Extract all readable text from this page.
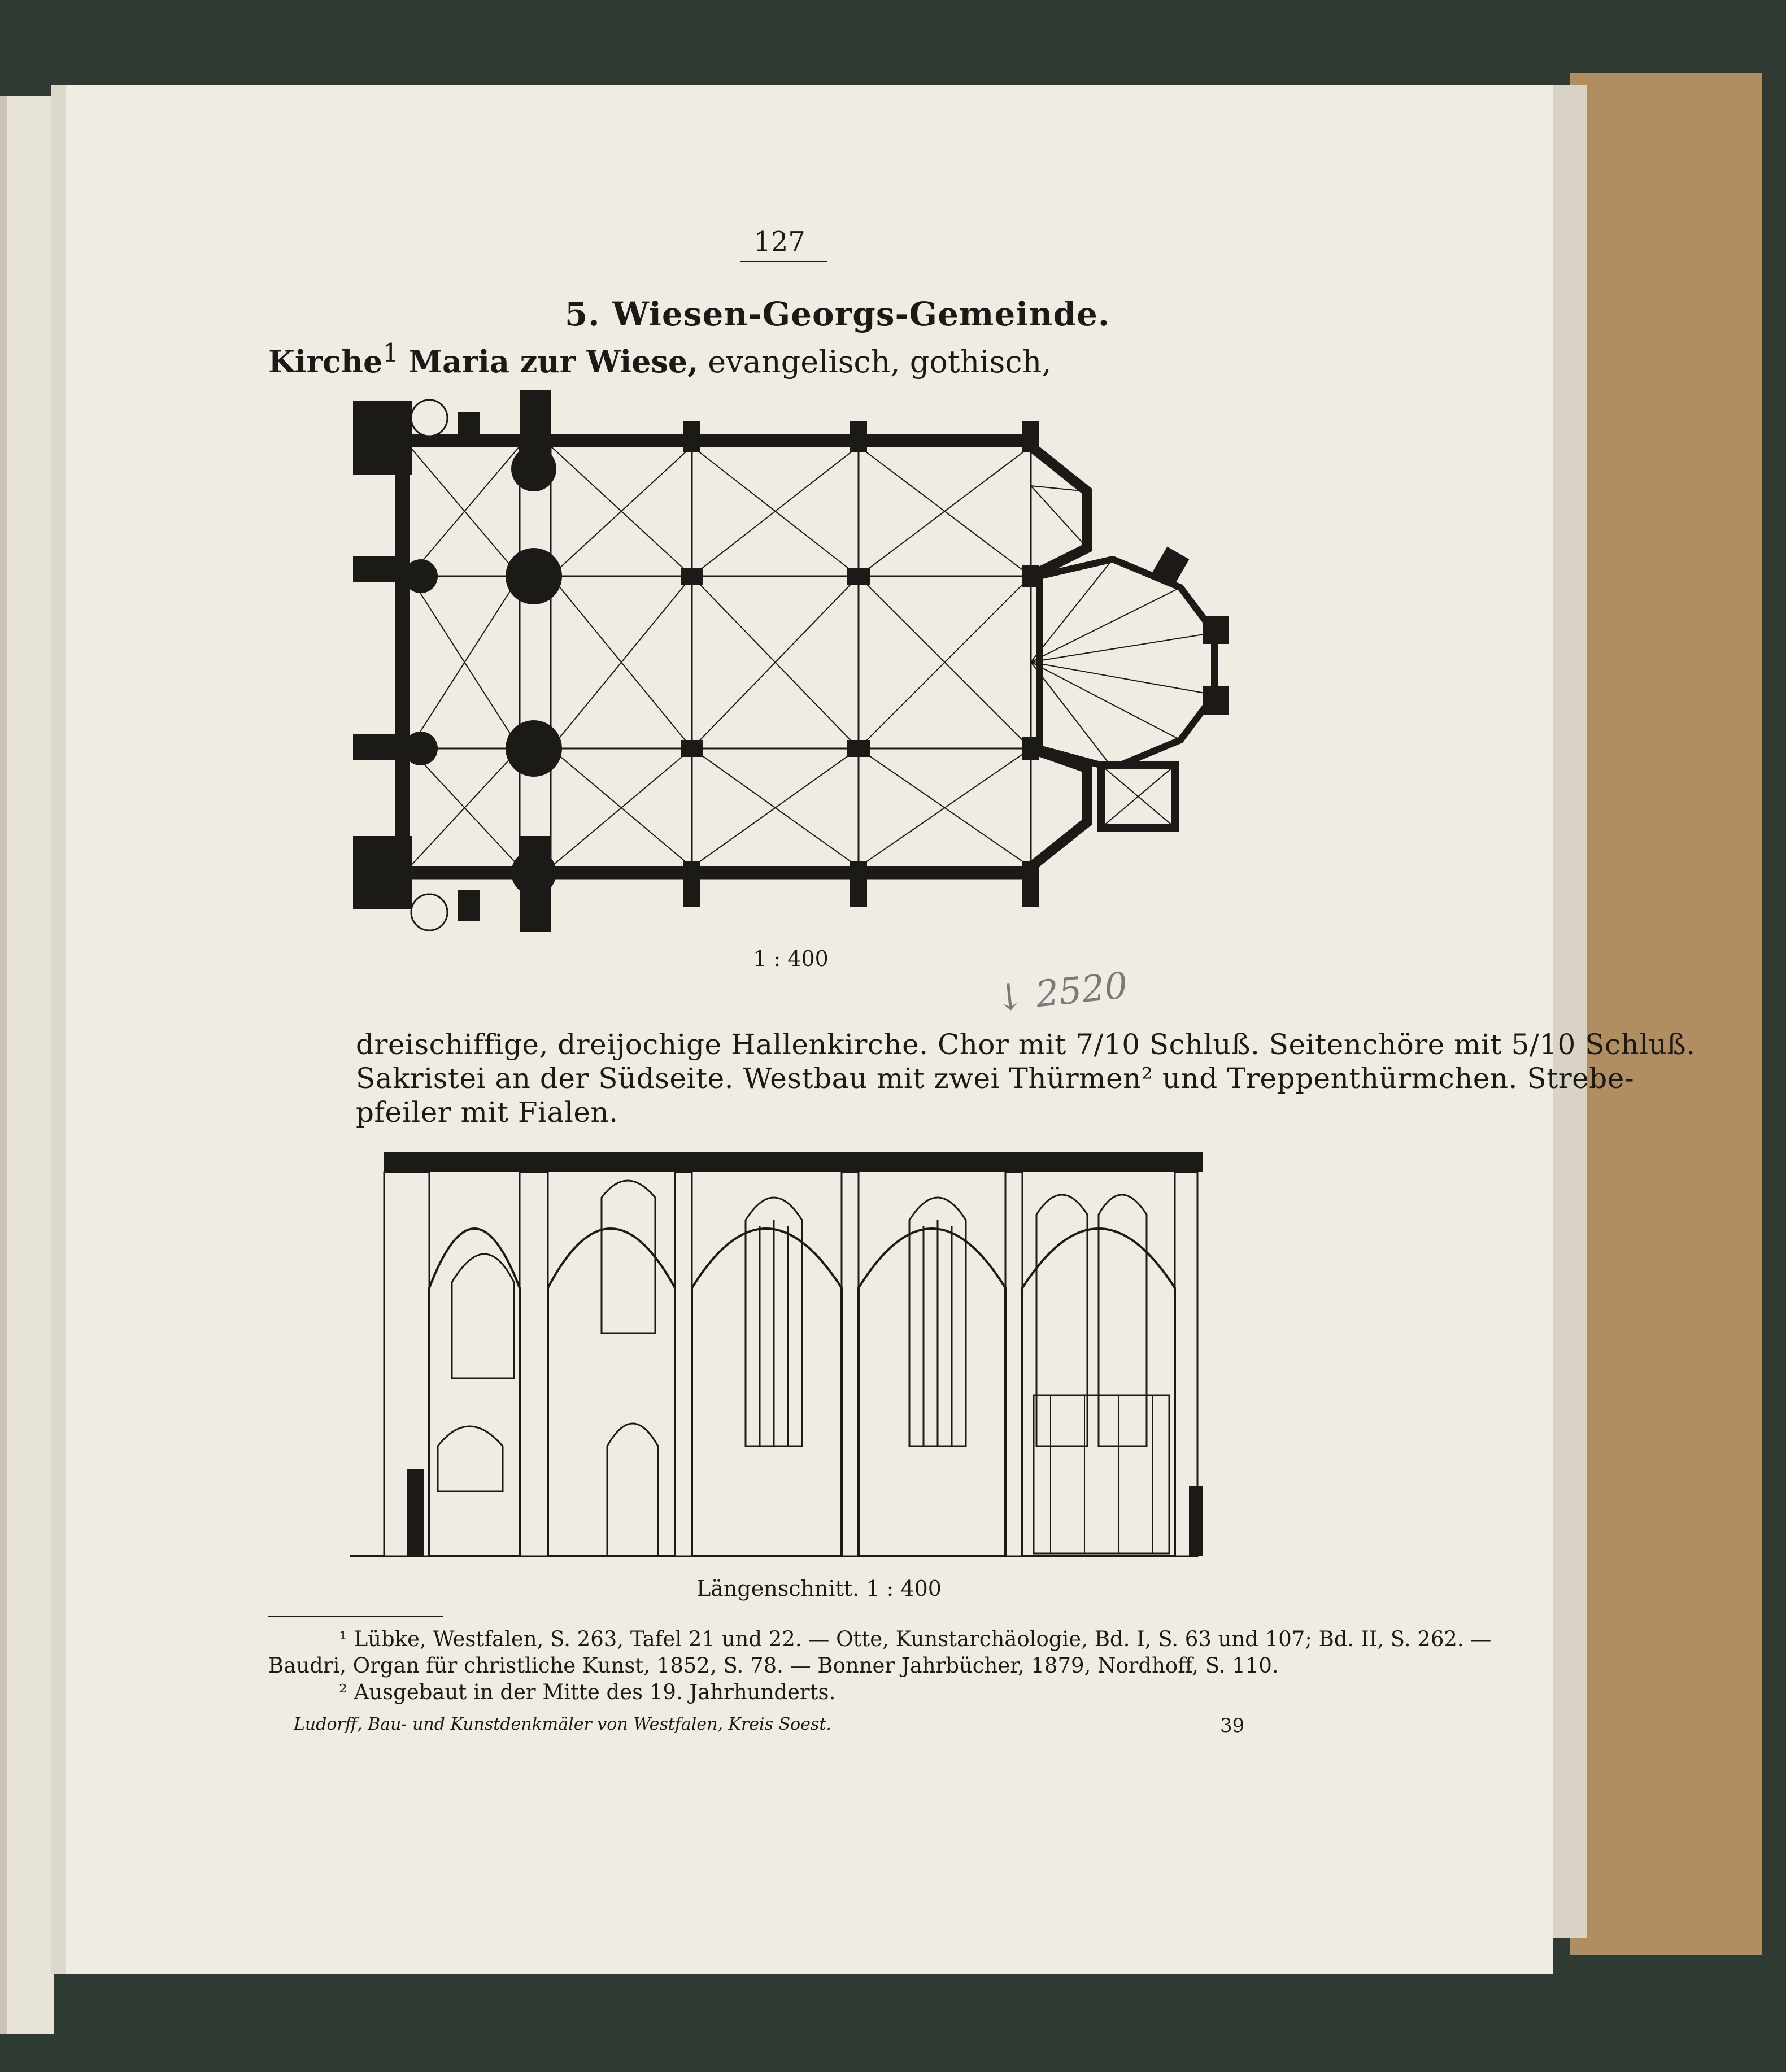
127
5. Wiesen-Georgs-Gemeinde.
Kirche$^1$ Maria zur Wiese, evangelisch, gothisch,
1 : 400
↓ 2520
dreischiffige, dreijochige Hallenkirche. Chor mit 7/10 Schluß. Seitenchöre mit 5/10 Schluß.
Sakristei an der Südseite. Westbau mit zwei Thürmen² und Treppenthürmchen. Strebe-
pfeiler mit Fialen.
Längenschnitt. 1 : 400
¹ Lübke, Westfalen, S. 263, Tafel 21 und 22. — Otte, Kunstarchäologie, Bd. I, S. 63 und 107; Bd. II, S. 262. —
Baudri, Organ für christliche Kunst, 1852, S. 78. — Bonner Jahrbücher, 1879, Nordhoff, S. 110.
² Ausgebaut in der Mitte des 19. Jahrhunderts.
Ludorff, Bau- und Kunstdenkmäler von Westfalen, Kreis Soest.	39
